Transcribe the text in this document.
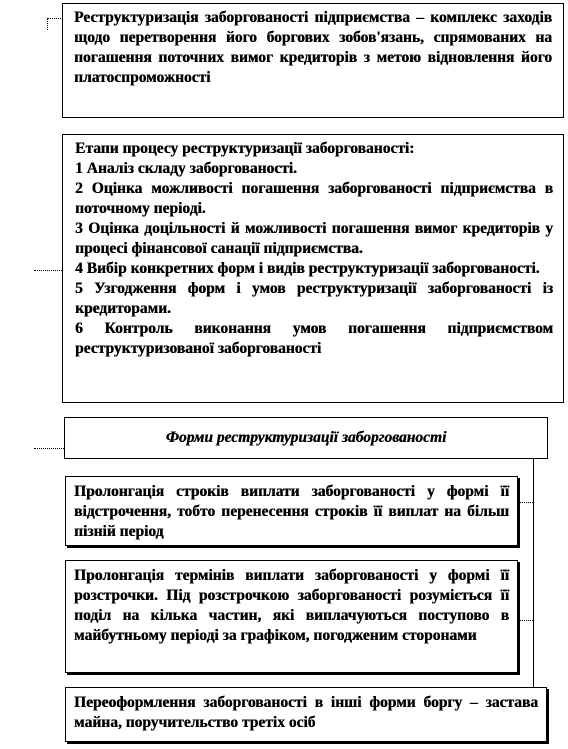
Реструктуризація заборгованості підприємства – комплекс заходів щодо перетворення його боргових зобов'язань, спрямованих на погашення поточних вимог кредиторів з метою відновлення його платоспроможності
Етапи процесу реструктуризації заборгованості:
1 Аналіз складу заборгованості.
2 Оцінка можливості погашення заборгованості підприємства в поточному періоді.
3 Оцінка доцільності й можливості погашення вимог кредиторів у процесі фінансової санації підприємства.
4 Вибір конкретних форм і видів реструктуризації заборгованості.
5 Узгодження форм і умов реструктуризації заборгованості із кредиторами.
6 Контроль виконання умов погашення підприємством реструктуризованої заборгованості
Форми реструктуризації заборгованості
Пролонгація строків виплати заборгованості у формі її відстрочення, тобто перенесення строків її виплат на більш пізній період
Пролонгація термінів виплати заборгованості у формі її розстрочки. Під розстрочкою заборгованості розуміється її поділ на кілька частин, які виплачуються поступово в майбутньому періоді за графіком, погодженим сторонами
Переоформлення заборгованості в інші форми боргу – застава майна, поручительство третіх осіб
